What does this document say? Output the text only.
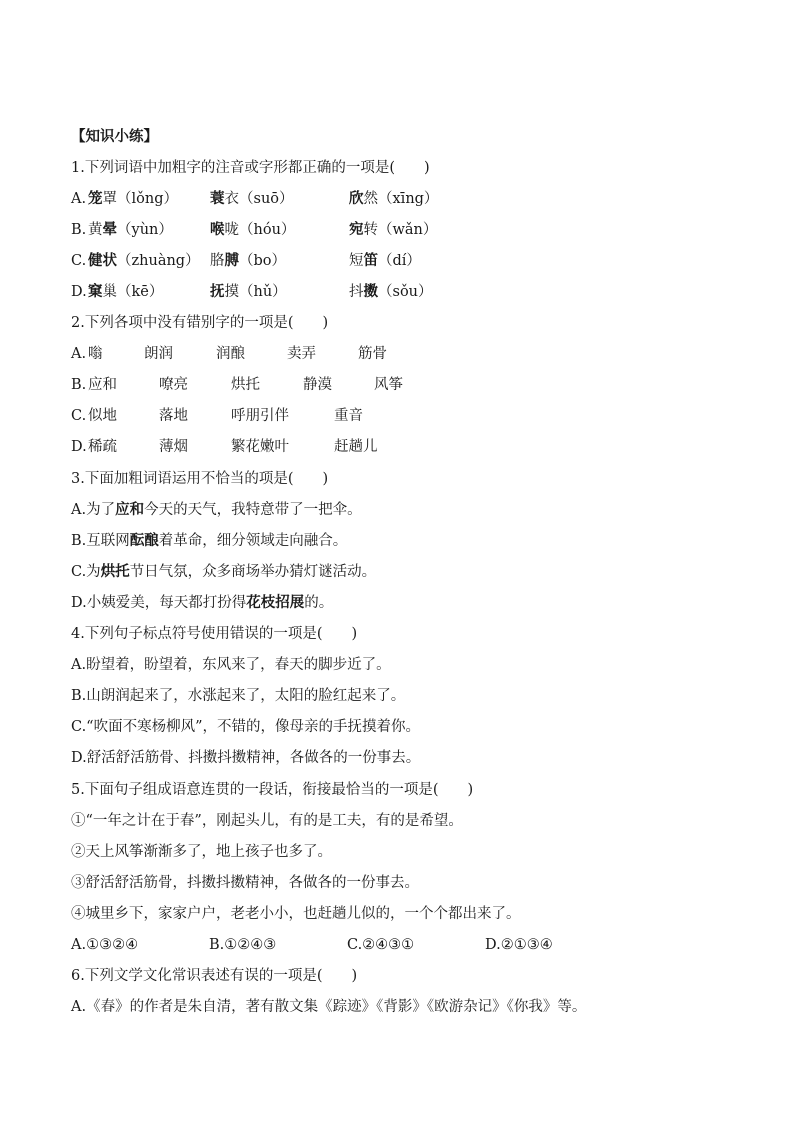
【知识小练】

1.下列词语中加粗字的注音或字形都正确的一项是(　　)

A. 笼罩（lǒng） 蓑衣（suō）	欣然（xīng）
B. 黄晕（yùn）	喉咙（hóu）	宛转（wǎn）
C. 健状（zhuàng） 胳膊（bo）	短笛（dí）
D. 窠巢（kē）	抚摸（hǔ）	抖擞（sǒu）

2.下列各项中没有错别字的一项是(　　)

A. 嗡	朗润	润酿	卖弄	筋骨
B. 应和	嘹亮	烘托	静漠	风筝
C. 似地	落地	呼朋引伴	重音
D. 稀疏	薄烟	繁花嫩叶	赶趟儿

3.下面加粗词语运用不恰当的项是(　　)

A.为了应和今天的天气，我特意带了一把伞。

B.互联网酝酿着革命，细分领域走向融合。

C.为烘托节日气氛，众多商场举办猜灯谜活动。

D.小姨爱美，每天都打扮得花枝招展的。

4.下列句子标点符号使用错误的一项是(　　)

A.盼望着，盼望着，东风来了，春天的脚步近了。

B.山朗润起来了，水涨起来了，太阳的脸红起来了。

C.“吹面不寒杨柳风”，不错的，像母亲的手抚摸着你。

D.舒活舒活筋骨、抖擞抖擞精神，各做各的一份事去。

5.下面句子组成语意连贯的一段话，衔接最恰当的一项是(　　)

①“一年之计在于春”，刚起头儿，有的是工夫，有的是希望。

②天上风筝渐渐多了，地上孩子也多了。

③舒活舒活筋骨，抖擞抖擞精神，各做各的一份事去。

④城里乡下，家家户户，老老小小，也赶趟儿似的，一个个都出来了。

A.①③②④	B.①②④③	C.②④③①	D.②①③④

6.下列文学文化常识表述有误的一项是(　　)

A.《春》的作者是朱自清，著有散文集《踪迹》《背影》《欧游杂记》《你我》等。
